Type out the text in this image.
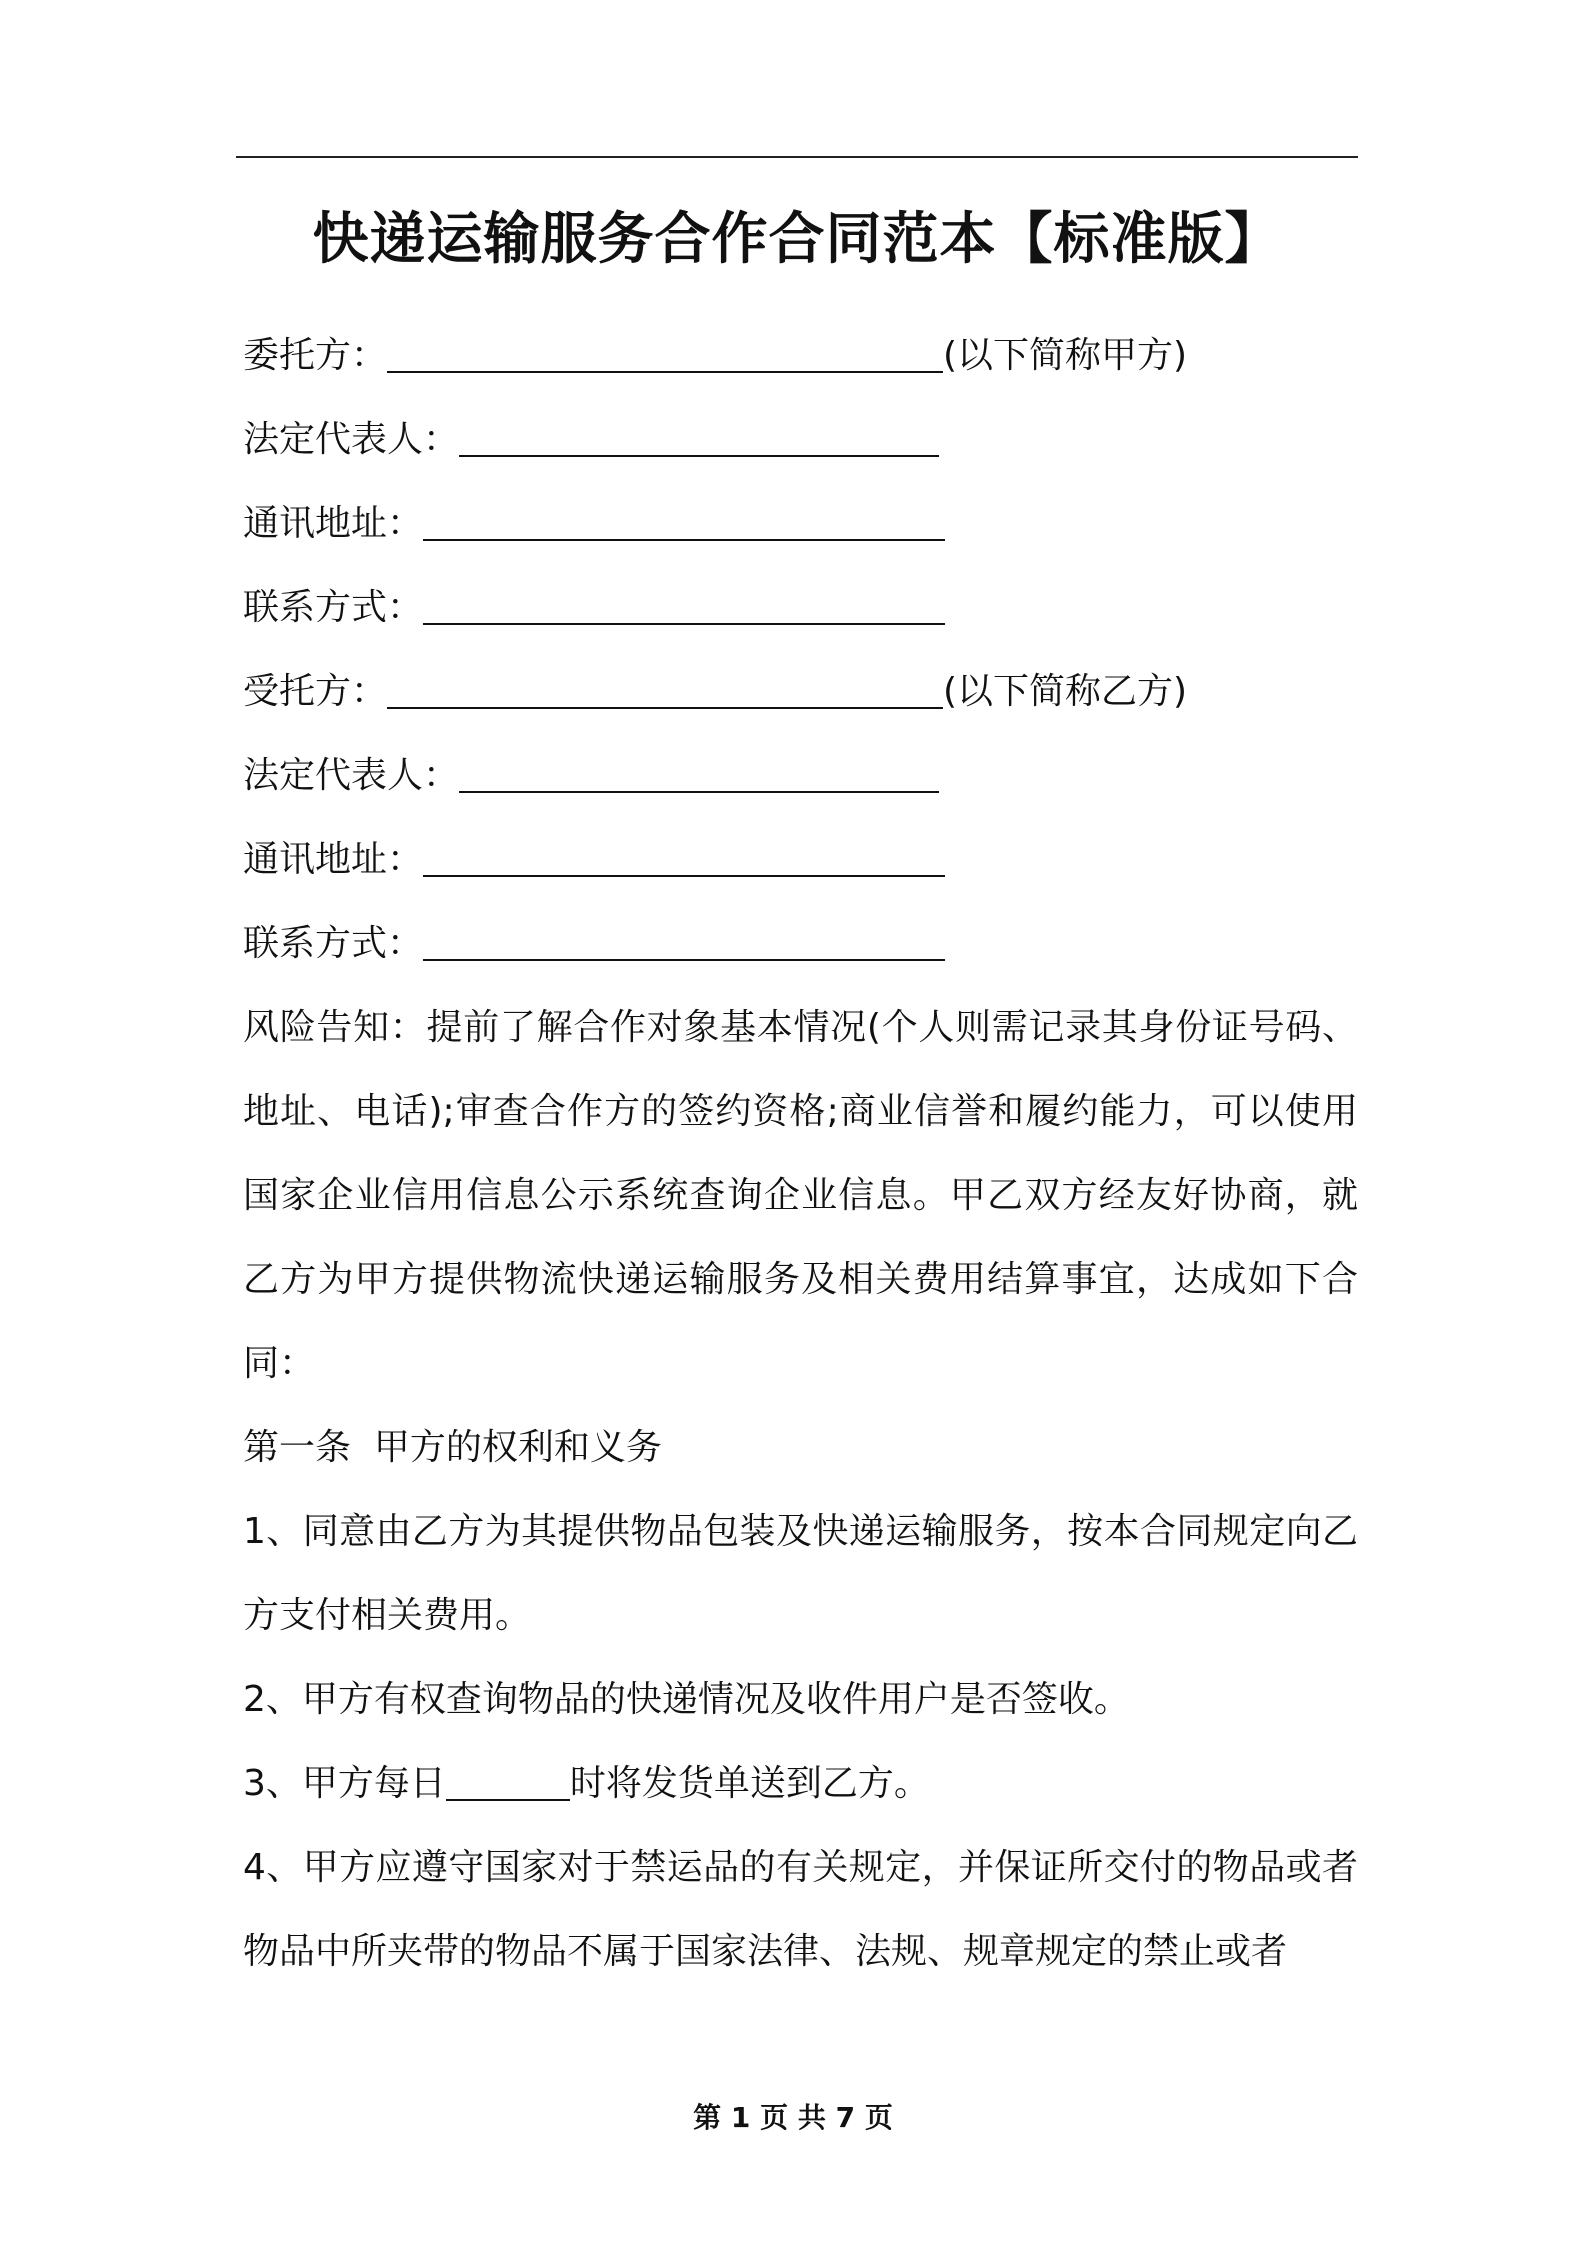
快递运输服务合作合同范本【标准版】
委托方：	(以下简称甲方)
法定代表人：
通讯地址：
联系方式：
受托方：	(以下简称乙方)
法定代表人：
通讯地址：
联系方式：
风险告知：提前了解合作对象基本情况(个人则需记录其身份证号码、地址、电话);审查合作方的签约资格;商业信誉和履约能力，可以使用国家企业信用信息公示系统查询企业信息。甲乙双方经友好协商，就乙方为甲方提供物流快递运输服务及相关费用结算事宜，达成如下合同：
第一条  甲方的权利和义务
1、同意由乙方为其提供物品包装及快递运输服务，按本合同规定向乙方支付相关费用。
2、甲方有权查询物品的快递情况及收件用户是否签收。
3、甲方每日	时将发货单送到乙方。
4、甲方应遵守国家对于禁运品的有关规定，并保证所交付的物品或者物品中所夹带的物品不属于国家法律、法规、规章规定的禁止或者
第 1 页 共 7 页
